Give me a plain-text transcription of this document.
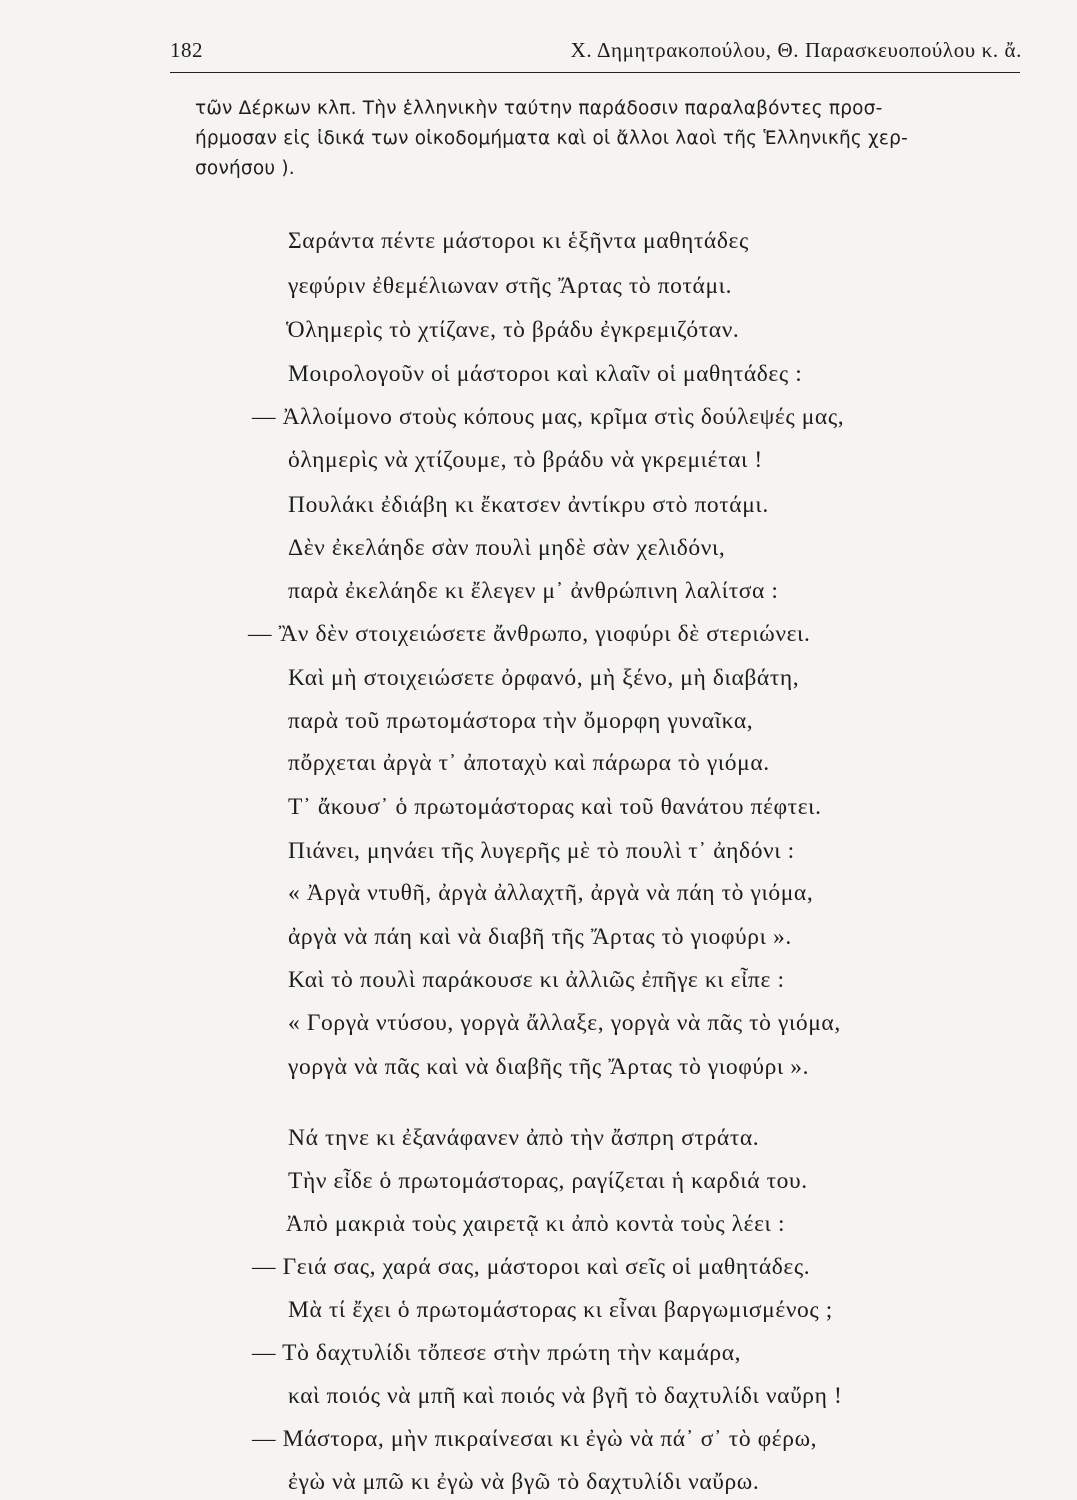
182	Χ. Δημητρακοπούλου, Θ. Παρασκευοπούλου κ. ἄ.
τῶν Δέρκων κλπ. Τὴν ἑλληνικὴν ταύτην παράδοσιν παραλαβόντες προσ-
ήρμοσαν εἰς ἰδικά των οἰκοδομήματα καὶ οἱ ἄλλοι λαοὶ τῆς Ἑλληνικῆς χερ-
σονήσου ).
Σαράντα πέντε μάστοροι κι ἑξῆντα μαθητάδες
γεφύριν ἐθεμέλιωναν στῆς Ἄρτας τὸ ποτάμι.
Ὁλημερὶς τὸ χτίζανε, τὸ βράδυ ἐγκρεμιζόταν.
Μοιρολογοῦν οἱ μάστοροι καὶ κλαῖν οἱ μαθητάδες :
— Ἀλλοίμονο στοὺς κόπους μας, κρῖμα στὶς δούλεψές μας,
ὁλημερὶς νὰ χτίζουμε, τὸ βράδυ νὰ γκρεμιέται !
Πουλάκι ἐδιάβη κι ἔκατσεν ἀντίκρυ στὸ ποτάμι.
Δὲν ἐκελάηδε σὰν πουλὶ μηδὲ σὰν χελιδόνι,
παρὰ ἐκελάηδε κι ἔλεγεν μ᾽ ἀνθρώπινη λαλίτσα :
— Ἂν δὲν στοιχειώσετε ἄνθρωπο, γιοφύρι δὲ στεριώνει.
Καὶ μὴ στοιχειώσετε ὀρφανό, μὴ ξένο, μὴ διαβάτη,
παρὰ τοῦ πρωτομάστορα τὴν ὄμορφη γυναῖκα,
πὄρχεται ἀργὰ τ᾽ ἀποταχὺ καὶ πάρωρα τὸ γιόμα.
Τ᾽ ἄκουσ᾽ ὁ πρωτομάστορας καὶ τοῦ θανάτου πέφτει.
Πιάνει, μηνάει τῆς λυγερῆς μὲ τὸ πουλὶ τ᾽ ἀηδόνι :
« Ἀργὰ ντυθῆ, ἀργὰ ἀλλαχτῆ, ἀργὰ νὰ πάη τὸ γιόμα,
ἀργὰ νὰ πάη καὶ νὰ διαβῆ τῆς Ἄρτας τὸ γιοφύρι ».
Καὶ τὸ πουλὶ παράκουσε κι ἀλλιῶς ἐπῆγε κι εἶπε :
« Γοργὰ ντύσου, γοργὰ ἄλλαξε, γοργὰ νὰ πᾶς τὸ γιόμα,
γοργὰ νὰ πᾶς καὶ νὰ διαβῆς τῆς Ἄρτας τὸ γιοφύρι ».
Νά τηνε κι ἐξανάφανεν ἀπὸ τὴν ἄσπρη στράτα.
Τὴν εἶδε ὁ πρωτομάστορας, ραγίζεται ἡ καρδιά του.
Ἀπὸ μακριὰ τοὺς χαιρετᾷ κι ἀπὸ κοντὰ τοὺς λέει :
— Γειά σας, χαρά σας, μάστοροι καὶ σεῖς οἱ μαθητάδες.
Μὰ τί ἔχει ὁ πρωτομάστορας κι εἶναι βαργωμισμένος ;
— Τὸ δαχτυλίδι τὄπεσε στὴν πρώτη τὴν καμάρα,
καὶ ποιός νὰ μπῆ καὶ ποιός νὰ βγῆ τὸ δαχτυλίδι ναὔρη !
— Μάστορα, μὴν πικραίνεσαι κι ἐγὼ νὰ πά᾽ σ᾽ τὸ φέρω,
ἐγὼ νὰ μπῶ κι ἐγὼ νὰ βγῶ τὸ δαχτυλίδι ναὔρω.
